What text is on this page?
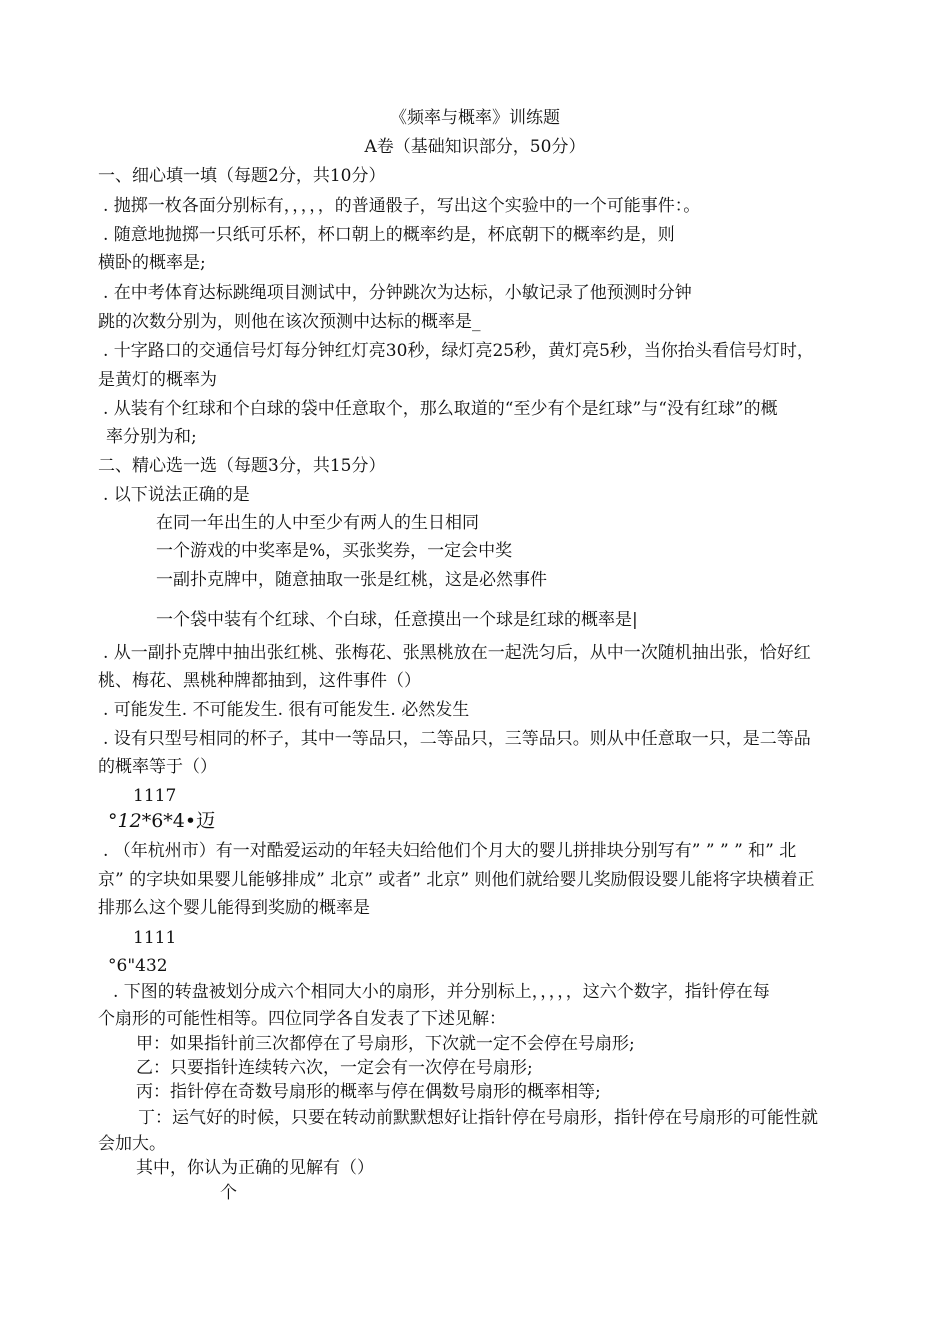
《频率与概率》训练题
A卷（基础知识部分，50分）
一、细心填一填（每题2分，共10分）
. 抛掷一枚各面分别标有，，，，，的普通骰子，写出这个实验中的一个可能事件：。
. 随意地抛掷一只纸可乐杯，杯口朝上的概率约是，杯底朝下的概率约是，则
横卧的概率是;
. 在中考体育达标跳绳项目测试中，分钟跳次为达标，小敏记录了他预测时分钟
跳的次数分别为，则他在该次预测中达标的概率是_
. 十字路口的交通信号灯每分钟红灯亮30秒，绿灯亮25秒，黄灯亮5秒，当你抬头看信号灯时，
是黄灯的概率为
. 从装有个红球和个白球的袋中任意取个，那么取道的“至少有个是红球”与“没有红球”的概
率分别为和;
二、精心选一选（每题3分，共15分）
. 以下说法正确的是
在同一年出生的人中至少有两人的生日相同
一个游戏的中奖率是%，买张奖券，一定会中奖
一副扑克牌中，随意抽取一张是红桃，这是必然事件
一个袋中装有个红球、个白球，任意摸出一个球是红球的概率是|
. 从一副扑克牌中抽出张红桃、张梅花、张黑桃放在一起洗匀后，从中一次随机抽出张，恰好红
桃、梅花、黑桃种牌都抽到，这件事件（）
. 可能发生. 不可能发生. 很有可能发生. 必然发生
. 设有只型号相同的杯子，其中一等品只，二等品只，三等品只。则从中任意取一只，是二等品
的概率等于（）
1117
°12*6*4•迈
. （年杭州市）有一对酷爱运动的年轻夫妇给他们个月大的婴儿拼排块分别写有” ” ” ” 和” 北
京” 的字块如果婴儿能够排成” 北京” 或者” 北京” 则他们就给婴儿奖励假设婴儿能将字块横着正
排那么这个婴儿能得到奖励的概率是
1111
°6"432
. 下图的转盘被划分成六个相同大小的扇形，并分别标上，，，，，这六个数字，指针停在每
个扇形的可能性相等。四位同学各自发表了下述见解：
甲：如果指针前三次都停在了号扇形，下次就一定不会停在号扇形;
乙：只要指针连续转六次，一定会有一次停在号扇形;
丙：指针停在奇数号扇形的概率与停在偶数号扇形的概率相等;
丁：运气好的时候，只要在转动前默默想好让指针停在号扇形，指针停在号扇形的可能性就
会加大。
其中，你认为正确的见解有（）
个
